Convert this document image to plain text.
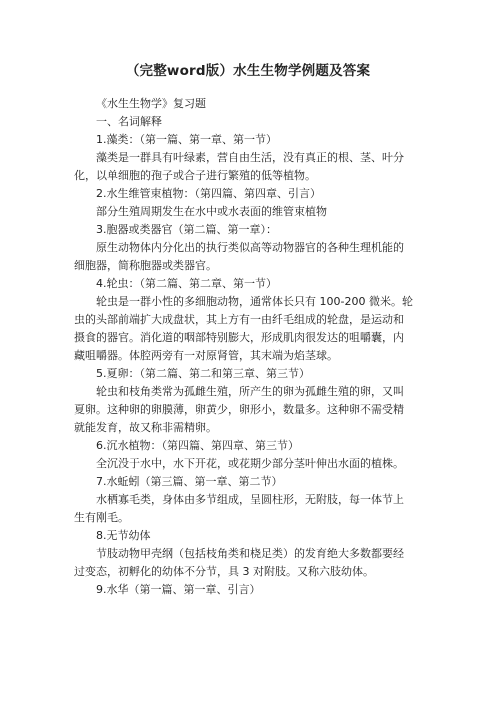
（完整word版）水生生物学例题及答案
《水生生物学》复习题
一、名词解释
1.藻类：（第一篇、第一章、第一节）
藻类是一群具有叶绿素，营自由生活，没有真正的根、茎、叶分
化，以单细胞的孢子或合子进行繁殖的低等植物。
2.水生维管束植物：（第四篇、第四章、引言）
部分生殖周期发生在水中或水表面的维管束植物
3.胞器或类器官（第二篇、第一章）：
原生动物体内分化出的执行类似高等动物器官的各种生理机能的
细胞器，简称胞器或类器官。
4.轮虫：（第二篇、第二章、第一节）
轮虫是一群小性的多细胞动物，通常体长只有 100-200 微米。轮
虫的头部前端扩大成盘状，其上方有一由纤毛组成的轮盘，是运动和
摄食的器官。消化道的咽部特别膨大，形成肌肉很发达的咀嚼囊，内
藏咀嚼器。体腔两旁有一对原肾管，其末端为焰茎球。
5.夏卵：（第二篇、第二和第三章、第三节）
轮虫和枝角类常为孤雌生殖，所产生的卵为孤雌生殖的卵，又叫
夏卵。这种卵的卵膜薄，卵黄少，卵形小，数量多。这种卵不需受精
就能发育，故又称非需精卵。
6.沉水植物：（第四篇、第四章、第三节）
全沉没于水中，水下开花，或花期少部分茎叶伸出水面的植株。
7.水蚯蚓（第三篇、第一章、第二节）
水栖寡毛类，身体由多节组成，呈圆柱形，无附肢，每一体节上
生有刚毛。
8.无节幼体
节肢动物甲壳纲（包括枝角类和桡足类）的发育绝大多数都要经
过变态，初孵化的幼体不分节，具 3 对附肢。又称六肢幼体。
9.水华（第一篇、第一章、引言）
